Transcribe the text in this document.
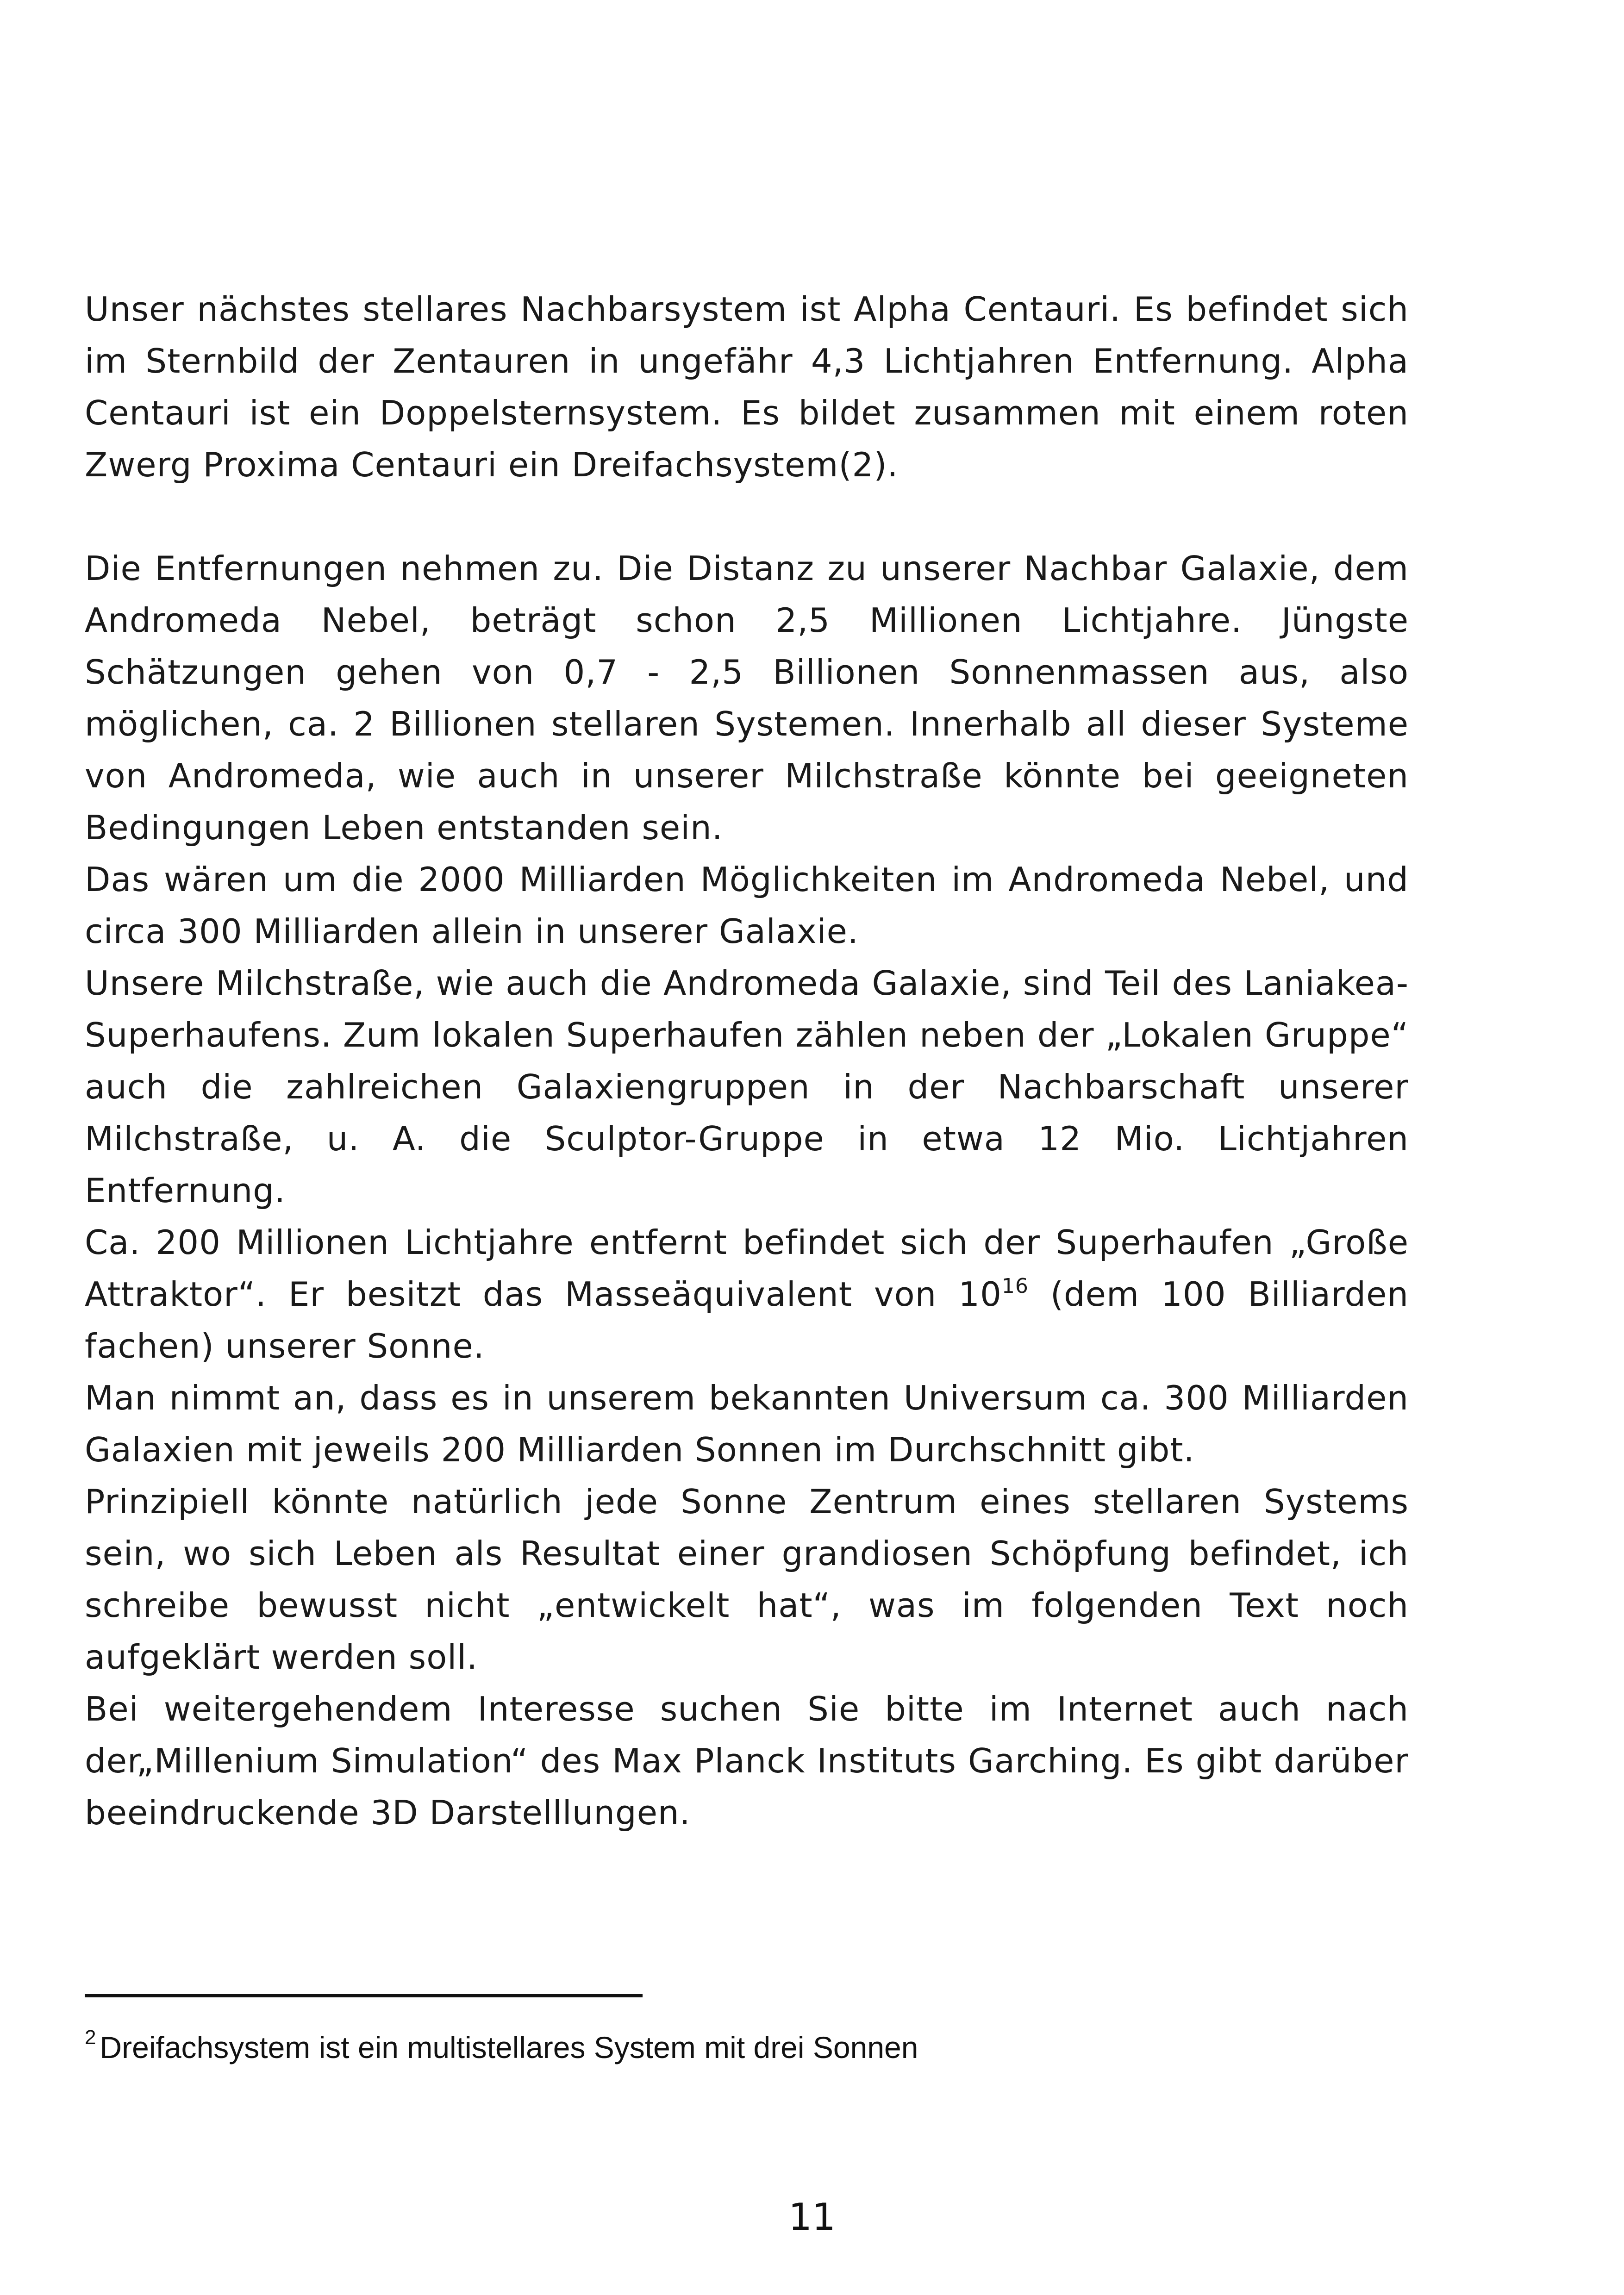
Unser nächstes stellares Nachbarsystem ist Alpha Centauri. Es befindet sich im Sternbild der Zentauren in ungefähr 4,3 Lichtjahren Entfernung. Alpha Centauri ist ein Doppelsternsystem. Es bildet zusammen mit einem roten Zwerg Proxima Centauri ein Dreifachsystem(2).

Die Entfernungen nehmen zu. Die Distanz zu unserer Nachbar Galaxie, dem Andromeda Nebel, beträgt schon 2,5 Millionen Lichtjahre. Jüngste Schätzungen gehen von 0,7 - 2,5 Billionen Sonnenmassen aus, also möglichen, ca. 2 Billionen stellaren Systemen. Innerhalb all dieser Systeme von Andromeda, wie auch in unserer Milchstraße könnte bei geeigneten Bedingungen Leben entstanden sein.

Das wären um die 2000 Milliarden Möglichkeiten im Andromeda Nebel, und circa 300 Milliarden allein in unserer Galaxie.

Unsere Milchstraße, wie auch die Andromeda Galaxie, sind Teil des Laniakea-Superhaufens. Zum lokalen Superhaufen zählen neben der „Lokalen Gruppe“ auch die zahlreichen Galaxiengruppen in der Nachbarschaft unserer Milchstraße, u. A. die Sculptor-Gruppe in etwa 12 Mio. Lichtjahren Entfernung.

Ca. 200 Millionen Lichtjahre entfernt befindet sich der Superhaufen „Große Attraktor“. Er besitzt das Masseäquivalent von $10^{16}$ (dem 100 Billiarden fachen) unserer Sonne.

Man nimmt an, dass es in unserem bekannten Universum ca. 300 Milliarden Galaxien mit jeweils 200 Milliarden Sonnen im Durchschnitt gibt.

Prinzipiell könnte natürlich jede Sonne Zentrum eines stellaren Systems sein, wo sich Leben als Resultat einer grandiosen Schöpfung befindet, ich schreibe bewusst nicht „entwickelt hat“, was im folgenden Text noch aufgeklärt werden soll.

Bei weitergehendem Interesse suchen Sie bitte im Internet auch nach der„Millenium Simulation“ des Max Planck Instituts Garching. Es gibt darüber beeindruckende 3D Darstelllungen.

$^2$ Dreifachsystem ist ein multistellares System mit drei Sonnen
11
